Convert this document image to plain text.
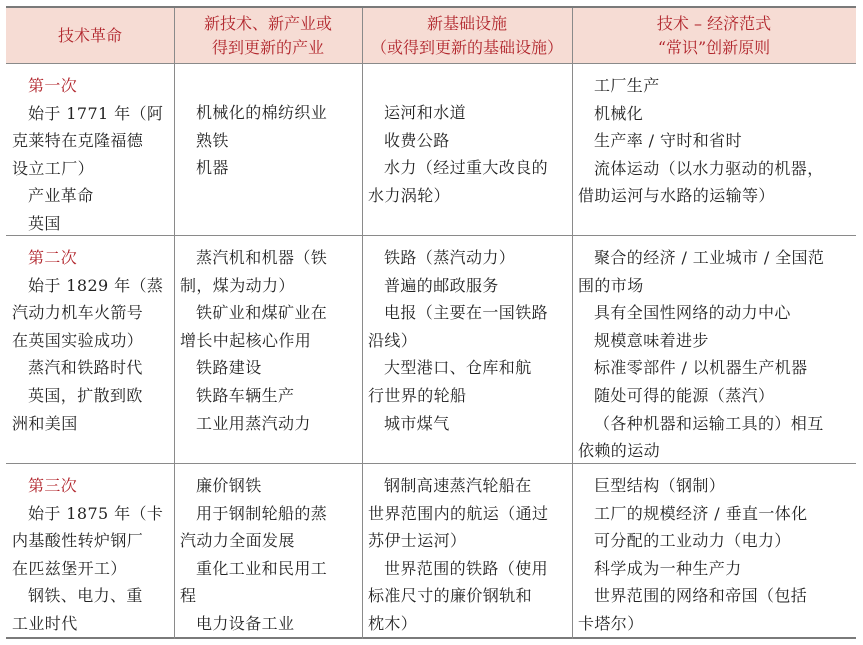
技术革命
新技术、新产业或
得到更新的产业
新基础设施
（或得到更新的基础设施）
技术 – 经济范式
“常识”创新原则
第一次
始于 1771 年（阿
克莱特在克隆福德
设立工厂）
产业革命
英国
机械化的棉纺织业
熟铁
机器
运河和水道
收费公路
水力（经过重大改良的
水力涡轮）
工厂生产
机械化
生产率 / 守时和省时
流体运动（以水力驱动的机器，
借助运河与水路的运输等）
第二次
始于 1829 年（蒸
汽动力机车火箭号
在英国实验成功）
蒸汽和铁路时代
英国，扩散到欧
洲和美国
蒸汽机和机器（铁
制，煤为动力）
铁矿业和煤矿业在
增长中起核心作用
铁路建设
铁路车辆生产
工业用蒸汽动力
铁路（蒸汽动力）
普遍的邮政服务
电报（主要在一国铁路
沿线）
大型港口、仓库和航
行世界的轮船
城市煤气
聚合的经济 / 工业城市 / 全国范
围的市场
具有全国性网络的动力中心
规模意味着进步
标准零部件 / 以机器生产机器
随处可得的能源（蒸汽）
（各种机器和运输工具的）相互
依赖的运动
第三次
始于 1875 年（卡
内基酸性转炉钢厂
在匹兹堡开工）
钢铁、电力、重
工业时代
廉价钢铁
用于钢制轮船的蒸
汽动力全面发展
重化工业和民用工
程
电力设备工业
钢制高速蒸汽轮船在
世界范围内的航运（通过
苏伊士运河）
世界范围的铁路（使用
标准尺寸的廉价钢轨和
枕木）
巨型结构（钢制）
工厂的规模经济 / 垂直一体化
可分配的工业动力（电力）
科学成为一种生产力
世界范围的网络和帝国（包括
卡塔尔）
